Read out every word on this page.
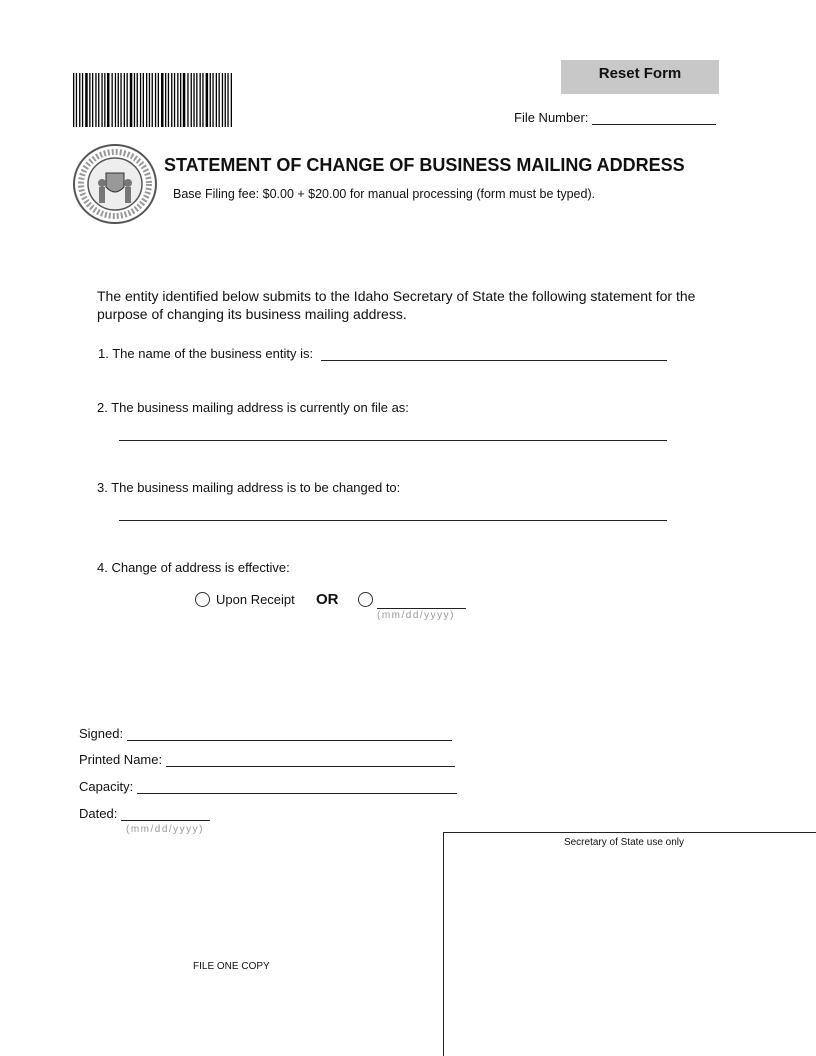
Reset Form
File Number:
STATEMENT OF CHANGE OF BUSINESS MAILING ADDRESS
Base Filing fee: $0.00 + $20.00 for manual processing (form must be typed).
The entity identified below submits to the Idaho Secretary of State the following statement for the purpose of changing its business mailing address.
1. The name of the business entity is:
2. The business mailing address is currently on file as:
3. The business mailing address is to be changed to:
4. Change of address is effective:
Upon Receipt OR
(mm/dd/yyyy)
Signed:
Printed Name:
Capacity:
Dated:
(mm/dd/yyyy)
FILE ONE COPY
Secretary of State use only
